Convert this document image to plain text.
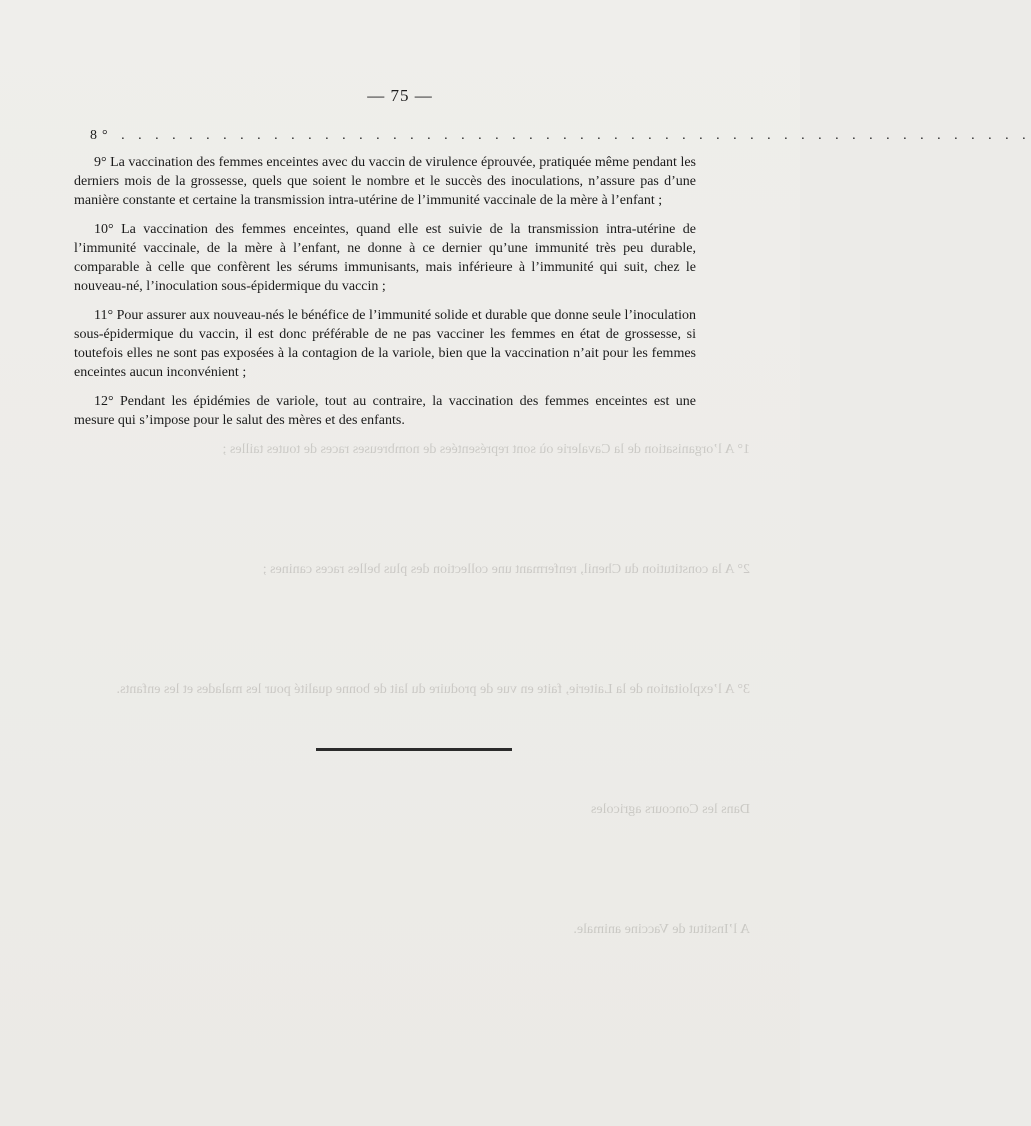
1° A l’organisation de la Cavalerie où sont représentées de nombreuses races de toutes tailles ;
2° A la constitution du Chenil, renfermant une collection des plus belles races canines ;
3° A l’exploitation de la Laiterie, faite en vue de produire du lait de bonne qualité pour les malades et les enfants.
Dans les Concours agricoles
A l’Institut de Vaccine animale.
— 75 —
8° . . . . . . . . . . . . . . . . . . . . . . . . . . . . . . . . . . . . . . . . . . . . . . . . . . . . . .

9° La vaccination des femmes enceintes avec du vaccin de virulence éprouvée, pratiquée même pendant les derniers mois de la grossesse, quels que soient le nombre et le succès des inoculations, n’assure pas d’une manière constante et certaine la transmission intra-utérine de l’immunité vaccinale de la mère à l’enfant ;

10° La vaccination des femmes enceintes, quand elle est suivie de la transmission intra-utérine de l’immunité vaccinale, de la mère à l’enfant, ne donne à ce dernier qu’une immunité très peu durable, comparable à celle que confèrent les sérums immunisants, mais inférieure à l’immunité qui suit, chez le nouveau-né, l’inoculation sous-épidermique du vaccin ;

11° Pour assurer aux nouveau-nés le bénéfice de l’immunité solide et durable que donne seule l’inoculation sous-épidermique du vaccin, il est donc préférable de ne pas vacciner les femmes en état de grossesse, si toutefois elles ne sont pas exposées à la contagion de la variole, bien que la vaccination n’ait pour les femmes enceintes aucun inconvénient ;

12° Pendant les épidémies de variole, tout au contraire, la vaccination des femmes enceintes est une mesure qui s’impose pour le salut des mères et des enfants.
